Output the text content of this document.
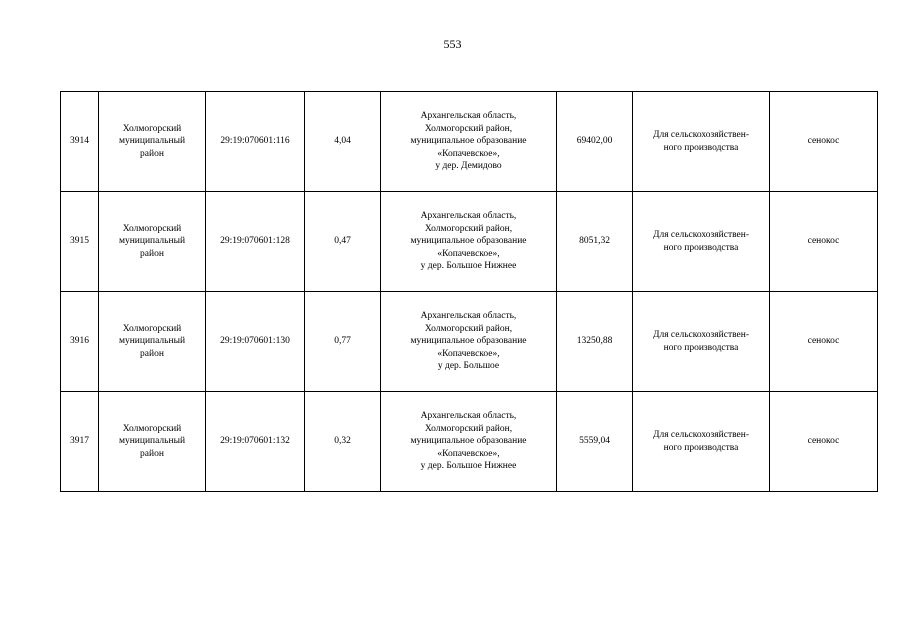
553
3914	Холмогорский
муниципальный
район	29:19:070601:116	4,04	Архангельская область,
Холмогорский район,
муниципальное образование
«Копачевское»,
у дер. Демидово	69402,00	Для сельскохозяйствен-
ного производства	сенокос
3915	Холмогорский
муниципальный
район	29:19:070601:128	0,47	Архангельская область,
Холмогорский район,
муниципальное образование
«Копачевское»,
у дер. Большое Нижнее	8051,32	Для сельскохозяйствен-
ного производства	сенокос
3916	Холмогорский
муниципальный
район	29:19:070601:130	0,77	Архангельская область,
Холмогорский район,
муниципальное образование
«Копачевское»,
у дер. Большое	13250,88	Для сельскохозяйствен-
ного производства	сенокос
3917	Холмогорский
муниципальный
район	29:19:070601:132	0,32	Архангельская область,
Холмогорский район,
муниципальное образование
«Копачевское»,
у дер. Большое Нижнее	5559,04	Для сельскохозяйствен-
ного производства	сенокос
